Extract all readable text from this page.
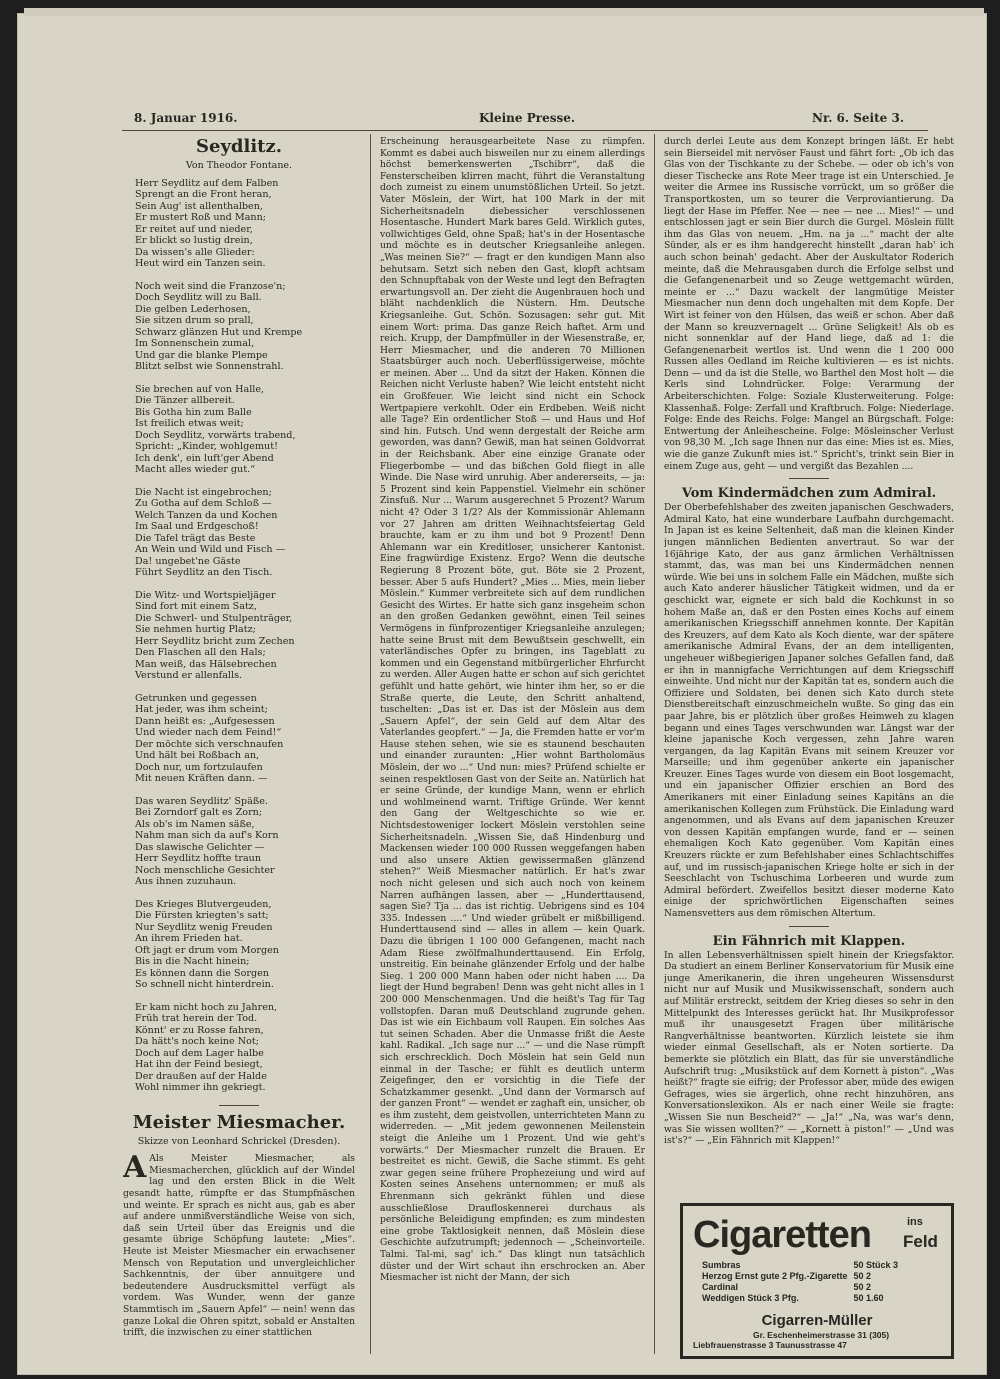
8. Januar 1916.	Kleine Presse.	Nr. 6. Seite 3.
Seydlitz.
Von Theodor Fontane.
Herr Seydlitz auf dem Falben
Sprengt an die Front heran,
Sein Aug' ist allenthalben,
Er mustert Roß und Mann;
Er reitet auf und nieder,
Er blickt so lustig drein,
Da wissen's alle Glieder:
Heut wird ein Tanzen sein.
Noch weit sind die Franzose'n;
Doch Seydlitz will zu Ball.
Die gelben Lederhosen,
Sie sitzen drum so prall,
Schwarz glänzen Hut und Krempe
Im Sonnenschein zumal,
Und gar die blanke Plempe
Blitzt selbst wie Sonnenstrahl.
Sie brechen auf von Halle,
Die Tänzer allbereit.
Bis Gotha hin zum Balle
Ist freilich etwas weit;
Doch Seydlitz, vorwärts trabend,
Spricht: „Kinder, wohlgemut!
Ich denk', ein luft'ger Abend
Macht alles wieder gut.“
Die Nacht ist eingebrochen;
Zu Gotha auf dem Schloß —
Welch Tanzen da und Kochen
Im Saal und Erdgeschoß!
Die Tafel trägt das Beste
An Wein und Wild und Fisch —
Da! ungebet'ne Gäste
Führt Seydlitz an den Tisch.
Die Witz- und Wortspieljäger
Sind fort mit einem Satz,
Die Schwerl- und Stulpenträger,
Sie nehmen hurtig Platz;
Herr Seydlitz bricht zum Zechen
Den Flaschen all den Hals;
Man weiß, das Hälsebrechen
Verstund er allenfalls.
Getrunken und gegessen
Hat jeder, was ihm scheint;
Dann heißt es: „Aufgesessen
Und wieder nach dem Feind!“
Der möchte sich verschnaufen
Und hält bei Roßbach an,
Doch nur, um fortzulaufen
Mit neuen Kräften dann. —
Das waren Seydlitz' Späße.
Bei Zorndorf galt es Zorn;
Als ob's im Namen säße,
Nahm man sich da auf's Korn
Das slawische Gelichter —
Herr Seydlitz hoffte traun
Noch menschliche Gesichter
Aus ihnen zuzuhaun.
Des Krieges Blutvergeuden,
Die Fürsten kriegten's satt;
Nur Seydlitz wenig Freuden
An ihrem Frieden hat.
Oft jagt er drum vom Morgen
Bis in die Nacht hinein;
Es können dann die Sorgen
So schnell nicht hinterdrein.
Er kam nicht hoch zu Jahren,
Früh trat herein der Tod.
Könnt' er zu Rosse fahren,
Da hätt's noch keine Not;
Doch auf dem Lager halbe
Hat ihn der Feind besiegt,
Der draußen auf der Halde
Wohl nimmer ihn gekriegt.
Meister Miesmacher.
Skizze von Leonhard Schrickel (Dresden).

A Als Meister Miesmacher, als Miesmacherchen, glücklich auf der Windel lag und den ersten Blick in die Welt gesandt hatte, rümpfte er das Stumpfnäschen und weinte. Er sprach es nicht aus, gab es aber auf andere unmißverständliche Weise von sich, daß sein Urteil über das Ereignis und die gesamte übrige Schöpfung lautete: „Mies“. Heute ist Meister Miesmacher ein erwachsener Mensch von Reputation und unvergleichlicher Sachkenntnis, der über annuitgere und bedeutendere Ausdrucksmittel verfügt als vordem. Was Wunder, wenn der ganze Stammtisch im „Sauern Apfel“ — nein! wenn das ganze Lokal die Ohren spitzt, sobald er Anstalten trifft, die inzwischen zu einer stattlichen

Erscheinung herausgearbeitete Nase zu rümpfen. Kommt es dabei auch bisweilen nur zu einem allerdings höchst bemerkenswerten „Tschibrr“, daß die Fensterscheiben klirren macht, führt die Veranstaltung doch zumeist zu einem unumstößlichen Urteil. So jetzt. Vater Möslein, der Wirt, hat 100 Mark in der mit Sicherheitsnadeln diebessicher verschlossenen Hosentasche. Hundert Mark bares Geld. Wirklich gutes, vollwichtiges Geld, ohne Spaß; hat's in der Hosentasche und möchte es in deutscher Kriegsanleihe anlegen. „Was meinen Sie?“ — fragt er den kundigen Mann also behutsam. Setzt sich neben den Gast, klopft achtsam den Schnupftabak von der Weste und legt den Befragten erwartungsvoll an. Der zieht die Augenbrauen hoch und bläht nachdenklich die Nüstern. Hm. Deutsche Kriegsanleihe. Gut. Schön. Sozusagen: sehr gut. Mit einem Wort: prima. Das ganze Reich haftet. Arm und reich. Krupp, der Dampfmüller in der Wiesenstraße, er, Herr Miesmacher, und die anderen 70 Millionen Staatsbürger auch noch. Ueberflüssigerweise, möchte er meinen. Aber ... Und da sitzt der Haken. Können die Reichen nicht Verluste haben? Wie leicht entsteht nicht ein Großfeuer. Wie leicht sind nicht ein Schock Wertpapiere verkohlt. Oder ein Erdbeben. Weiß nicht alle Tage? Ein ordentlicher Stoß — und Haus und Hof sind hin. Futsch. Und wenn dergestalt der Reiche arm geworden, was dann? Gewiß, man hat seinen Goldvorrat in der Reichsbank. Aber eine einzige Granate oder Fliegerbombe — und das bißchen Gold fliegt in alle Winde. Die Nase wird unruhig. Aber andererseits, — ja: 5 Prozent sind kein Pappenstiel. Vielmehr ein schöner Zinsfuß. Nur ... Warum ausgerechnet 5 Prozent? Warum nicht 4? Oder 3 1/2? Als der Kommissionär Ahlemann vor 27 Jahren am dritten Weihnachtsfeiertag Geld brauchte, kam er zu ihm und bot 9 Prozent! Denn Ahlemann war ein Kreditloser, unsicherer Kantonist. Eine fragwürdige Existenz. Ergo? Wenn die deutsche Regierung 8 Prozent böte, gut. Böte sie 2 Prozent, besser. Aber 5 aufs Hundert? „Mies ... Mies, mein lieber Möslein.“ Kummer verbreitete sich auf dem rundlichen Gesicht des Wirtes. Er hatte sich ganz insgeheim schon an den großen Gedanken gewöhnt, einen Teil seines Vermögens in fünfprozentiger Kriegsanleihe anzulegen; hatte seine Brust mit dem Bewußtsein geschwellt, ein vaterländisches Opfer zu bringen, ins Tageblatt zu kommen und ein Gegenstand mitbürgerlicher Ehrfurcht zu werden. Aller Augen hatte er schon auf sich gerichtet gefühlt und hatte gehört, wie hinter ihm her, so er die Straße querte, die Leute, den Schritt anhaltend, tuschelten: „Das ist er. Das ist der Möslein aus dem „Sauern Apfel“, der sein Geld auf dem Altar des Vaterlandes geopfert.“ — Ja, die Fremden hatte er vor'm Hause stehen sehen, wie sie es staunend beschauten und einander zuraunten: „Hier wohnt Bartholomäus Möslein, der wo ...“ Und nun: mies? Prüfend schielte er seinen respektlosen Gast von der Seite an. Natürlich hat er seine Gründe, der kundige Mann, wenn er ehrlich und wohlmeinend warnt. Triftige Gründe. Wer kennt den Gang der Weltgeschichte so wie er. Nichtsdestoweniger lockert Möslein verstohlen seine Sicherheitsnadeln. „Wissen Sie, daß Hindenburg und Mackensen wieder 100 000 Russen weggefangen haben und also unsere Aktien gewissermaßen glänzend stehen?“ Weiß Miesmacher natürlich. Er hat's zwar noch nicht gelesen und sich auch noch von keinem Narren aufhängen lassen, aber — „Hunderttausend, sagen Sie? Tja ... das ist richtig. Uebrigens sind es 104 335. Indessen ....“ Und wieder grübelt er mißbilligend. Hunderttausend sind — alles in allem — kein Quark. Dazu die übrigen 1 100 000 Gefangenen, macht nach Adam Riese zwölfmalhunderttausend. Ein Erfolg, unstreitig. Ein beinahe glänzender Erfolg und der halbe Sieg. 1 200 000 Mann haben oder nicht haben .... Da liegt der Hund begraben! Denn was geht nicht alles in 1 200 000 Menschenmagen. Und die heißt's Tag für Tag vollstopfen. Daran muß Deutschland zugrunde gehen. Das ist wie ein Eichbaum voll Raupen. Ein solches Aas tut seinen Schaden. Aber die Unmasse frißt die Aeste kahl. Radikal. „Ich sage nur ...“ — und die Nase rümpft sich erschrecklich. Doch Möslein hat sein Geld nun einmal in der Tasche; er fühlt es deutlich unterm Zeigefinger, den er vorsichtig in die Tiefe der Schatzkammer gesenkt. „Und dann der Vormarsch auf der ganzen Front“ — wendet er zaghaft ein, unsicher, ob es ihm zusteht, dem geistvollen, unterrichteten Mann zu widerreden. — „Mit jedem gewonnenen Meilenstein steigt die Anleihe um 1 Prozent. Und wie geht's vorwärts.“ Der Miesmacher runzelt die Brauen. Er bestreitet es nicht. Gewiß, die Sache stimmt. Es geht zwar gegen seine frühere Prophezeiung und wird auf Kosten seines Ansehens unternommen; er muß als Ehrenmann sich gekränkt fühlen und diese ausschließlose Draufloskennerei durchaus als persönliche Beleidigung empfinden; es zum mindesten eine grobe Taktlosigkeit nennen, daß Möslein diese Geschichte aufzutrumpft; jedennoch — „Scheinvorteile. Talmi. Tal-mi, sag' ich.“ Das klingt nun tatsächlich düster und der Wirt schaut ihn erschrocken an. Aber Miesmacher ist nicht der Mann, der sich

durch derlei Leute aus dem Konzept bringen läßt. Er hebt sein Bierseidel mit nervöser Faust und fährt fort: „Ob ich das Glas von der Tischkante zu der Schebe. — oder ob ich's von dieser Tischecke ans Rote Meer trage ist ein Unterschied. Je weiter die Armee ins Russische vorrückt, um so größer die Transportkosten, um so teurer die Verproviantierung. Da liegt der Hase im Pfeffer. Nee — nee — nee ... Mies!“ — und entschlossen jagt er sein Bier durch die Gurgel. Möslein füllt ihm das Glas von neuem. „Hm. na ja ...“ macht der alte Sünder, als er es ihm handgerecht hinstellt „daran hab' ich auch schon beinah' gedacht. Aber der Auskultator Roderich meinte, daß die Mehrausgaben durch die Erfolge selbst und die Gefangenenarbeit und so Zeuge wettgemacht würden, meinte er ...“ Dazu wackelt der langmütige Meister Miesmacher nun denn doch ungehalten mit dem Kopfe. Der Wirt ist feiner von den Hülsen, das weiß er schon. Aber daß der Mann so kreuzvernagelt ... Grüne Seligkeit! Als ob es nicht sonnenklar auf der Hand liege, daß ad 1: die Gefangenenarbeit wertlos ist. Und wenn die 1 200 000 Russen alles Oedland im Reiche kultivieren — es ist nichts. Denn — und da ist die Stelle, wo Barthel den Most holt — die Kerls sind Lohndrücker. Folge: Verarmung der Arbeiterschichten. Folge: Soziale Klusterweiterung. Folge: Klassenhaß. Folge: Zerfall und Kraftbruch. Folge: Niederlage. Folge: Ende des Reichs. Folge: Mangel an Bürgschaft. Folge: Entwertung der Anleihescheine. Folge: Mösleinscher Verlust von 98,30 M. „Ich sage Ihnen nur das eine: Mies ist es. Mies, wie die ganze Zukunft mies ist.“ Spricht's, trinkt sein Bier in einem Zuge aus, geht — und vergißt das Bezahlen ....

Vom Kindermädchen zum Admiral.

Der Oberbefehlshaber des zweiten japanischen Geschwaders, Admiral Kato, hat eine wunderbare Laufbahn durchgemacht. In Japan ist es keine Seltenheit, daß man die kleinen Kinder jungen männlichen Bedienten anvertraut. So war der 16jährige Kato, der aus ganz ärmlichen Verhältnissen stammt, das, was man bei uns Kindermädchen nennen würde. Wie bei uns in solchem Falle ein Mädchen, mußte sich auch Kato anderer häuslicher Tätigkeit widmen, und da er geschickt war, eignete er sich bald die Kochkunst in so hohem Maße an, daß er den Posten eines Kochs auf einem amerikanischen Kriegsschiff annehmen konnte. Der Kapitän des Kreuzers, auf dem Kato als Koch diente, war der spätere amerikanische Admiral Evans, der an dem intelligenten, ungeheuer wißbegierigen Japaner solches Gefallen fand, daß er ihn in mannigfache Verrichtungen auf dem Kriegsschiff einweihte. Und nicht nur der Kapitän tat es, sondern auch die Offiziere und Soldaten, bei denen sich Kato durch stete Dienstbereitschaft einzuschmeicheln wußte. So ging das ein paar Jahre, bis er plötzlich über großes Heimweh zu klagen begann und eines Tages verschwunden war. Längst war der kleine japanische Koch vergessen, zehn Jahre waren vergangen, da lag Kapitän Evans mit seinem Kreuzer vor Marseille; und ihm gegenüber ankerte ein japanischer Kreuzer. Eines Tages wurde von diesem ein Boot losgemacht, und ein japanischer Offizier erschien an Bord des Amerikaners mit einer Einladung seines Kapitäns an die amerikanischen Kollegen zum Frühstück. Die Einladung ward angenommen, und als Evans auf dem japanischen Kreuzer von dessen Kapitän empfangen wurde, fand er — seinen ehemaligen Koch Kato gegenüber. Vom Kapitän eines Kreuzers rückte er zum Befehlshaber eines Schlachtschiffes auf, und im russisch-japanischen Kriege holte er sich in der Seeschlacht von Tschuschima Lorbeeren und wurde zum Admiral befördert. Zweifellos besitzt dieser moderne Kato einige der sprichwörtlichen Eigenschaften seines Namensvetters aus dem römischen Altertum.

Ein Fähnrich mit Klappen.

In allen Lebensverhältnissen spielt hinein der Kriegsfaktor. Da studiert an einem Berliner Konservatorium für Musik eine junge Amerikanerin, die ihren ungeheuren Wissensdurst nicht nur auf Musik und Musikwissenschaft, sondern auch auf Militär erstreckt, seitdem der Krieg dieses so sehr in den Mittelpunkt des Interesses gerückt hat. Ihr Musikprofessor muß ihr unausgesetzt Fragen über militärische Rangverhältnisse beantworten. Kürzlich leistete sie ihm wieder einmal Gesellschaft, als er Noten sortierte. Da bemerkte sie plötzlich ein Blatt, das für sie unverständliche Aufschrift trug: „Musikstück auf dem Kornett à piston“. „Was heißt?“ fragte sie eifrig; der Professor aber, müde des ewigen Gefrages, wies sie ärgerlich, ohne recht hinzuhören, ans Konversationslexikon. Als er nach einer Weile sie fragte: „Wissen Sie nun Bescheid?“ — „Ja!“ „Na, was war's denn, was Sie wissen wollten?“ — „Kornett à piston!“ — „Und was ist's?“ — „Ein Fähnrich mit Klappen!“

Cigaretten	ins
Feld
Sumbras	50 Stück 3
Herzog Ernst gute 2 Pfg.-Zigarette	50 2
Cardinal	50 2
Weddigen Stück 3 Pfg.	50 1.60
Cigarren-Müller
Gr. Eschenheimerstrasse 31 (305)
Liebfrauenstrasse 3 Taunusstrasse 47
